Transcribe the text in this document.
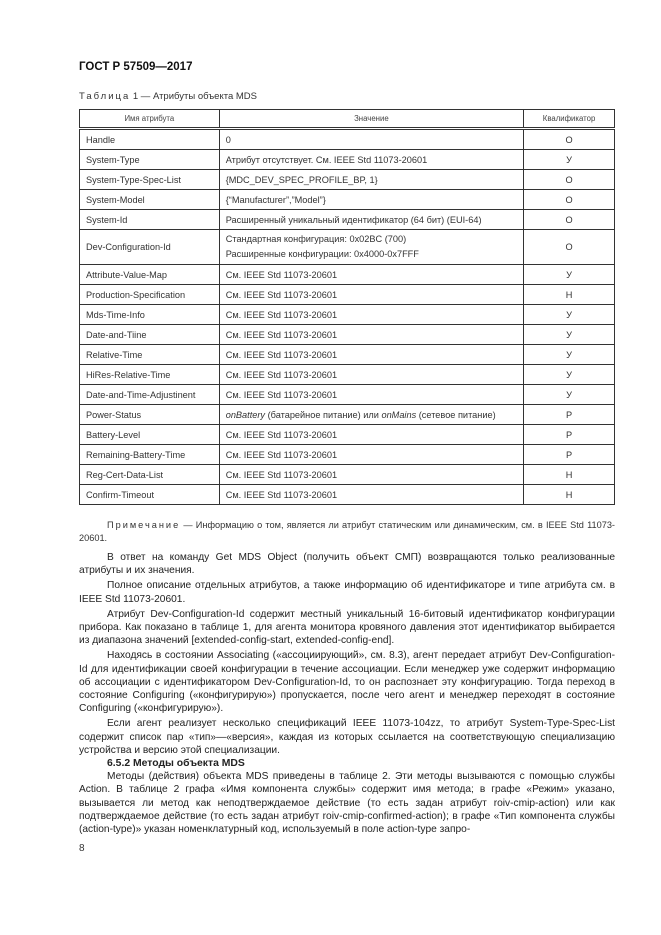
ГОСТ Р 57509—2017
Таблица 1 — Атрибуты объекта MDS
Имя атрибута	Значение	Квалификатор
Handle	0	О
System-Type	Атрибут отсутствует. См. IEEE Std 11073-20601	У
System-Type-Spec-List	{MDC_DEV_SPEC_PROFILE_BP, 1}	О
System-Model	{“Manufacturer”,”Model”}	О
System-Id	Расширенный уникальный идентификатор (64 бит) (EUI-64)	О
Dev-Configuration-Id	Стандартная конфигурация: 0x02BC (700)
Расширенные конфигурации: 0x4000-0x7FFF	О
Attribute-Value-Map	См. IEEE Std 11073-20601	У
Production-Specification	См. IEEE Std 11073-20601	Н
Mds-Time-Info	См. IEEE Std 11073-20601	У
Date-and-Tiine	См. IEEE Std 11073-20601	У
Relative-Time	См. IEEE Std 11073-20601	У
HiRes-Relative-Time	См. IEEE Std 11073-20601	У
Date-and-Time-Adjustinent	См. IEEE Std 11073-20601	У
Power-Status	onBattery (батарейное питание) или onMains (сетевое питание)	Р
Battery-Level	См. IEEE Std 11073-20601	Р
Remaining-Battery-Time	См. IEEE Std 11073-20601	Р
Reg-Cert-Data-List	См. IEEE Std 11073-20601	Н
Confirm-Timeout	См. IEEE Std 11073-20601	Н

Примечание — Информацию о том, является ли атрибут статическим или динамическим, см. в IEEE Std 11073-20601.

В ответ на команду Get MDS Object (получить объект СМП) возвращаются только реализованные атрибуты и их значения.

Полное описание отдельных атрибутов, а также информацию об идентификаторе и типе атрибута см. в IEEE Std 11073-20601.

Атрибут Dev-Configuration-Id содержит местный уникальный 16-битовый идентификатор конфигурации прибора. Как показано в таблице 1, для агента монитора кровяного давления этот идентификатор выбирается из диапазона значений [extended-config-start, extended-config-end].

Находясь в состоянии Associating («ассоциирующий», см. 8.3), агент передает атрибут Dev-Configuration-Id для идентификации своей конфигурации в течение ассоциации. Если менеджер уже содержит информацию об ассоциации с идентификатором Dev-Configuration-Id, то он распознает эту конфигурацию. Тогда переход в состояние Configuring («конфигурирую») пропускается, после чего агент и менеджер переходят в состояние Configuring («конфигурирую»).

Если агент реализует несколько спецификаций IEEE 11073-104zz, то атрибут System-Type-Spec-List содержит список пар «тип»—«версия», каждая из которых ссылается на соответствующую специализацию устройства и версию этой специализации.

6.5.2 Методы объекта MDS

Методы (действия) объекта MDS приведены в таблице 2. Эти методы вызываются с помощью службы Action. В таблице 2 графа «Имя компонента службы» содержит имя метода; в графе «Режим» указано, вызывается ли метод как неподтверждаемое действие (то есть задан атрибут roiv-cmip-action) или как подтверждаемое действие (то есть задан атрибут roiv-cmip-confirmed-action); в графе «Тип компонента службы (action-type)» указан номенклатурный код, используемый в поле action-type запро-

8
